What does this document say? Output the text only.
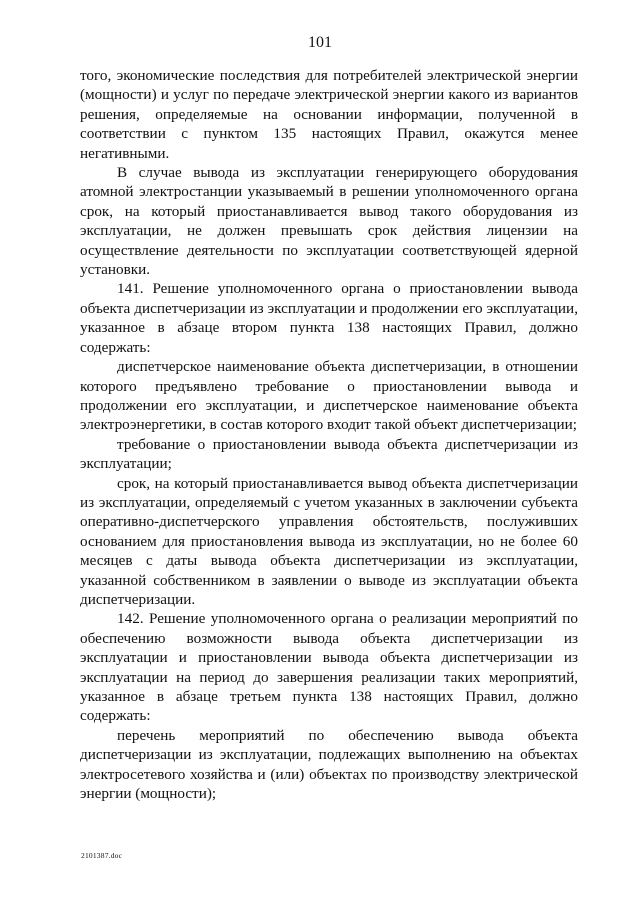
101

того, экономические последствия для потребителей электрической энергии (мощности) и услуг по передаче электрической энергии какого из вариантов решения, определяемые на основании информации, полученной в соответствии с пунктом 135 настоящих Правил, окажутся менее негативными.

В случае вывода из эксплуатации генерирующего оборудования атомной электростанции указываемый в решении уполномоченного органа срок, на который приостанавливается вывод такого оборудования из эксплуатации, не должен превышать срок действия лицензии на осуществление деятельности по эксплуатации соответствующей ядерной установки.

141. Решение уполномоченного органа о приостановлении вывода объекта диспетчеризации из эксплуатации и продолжении его эксплуатации, указанное в абзаце втором пункта 138 настоящих Правил, должно содержать:

диспетчерское наименование объекта диспетчеризации, в отношении которого предъявлено требование о приостановлении вывода и продолжении его эксплуатации, и диспетчерское наименование объекта электроэнергетики, в состав которого входит такой объект диспетчеризации;

требование о приостановлении вывода объекта диспетчеризации из эксплуатации;

срок, на который приостанавливается вывод объекта диспетчеризации из эксплуатации, определяемый с учетом указанных в заключении субъекта оперативно-диспетчерского управления обстоятельств, послуживших основанием для приостановления вывода из эксплуатации, но не более 60 месяцев с даты вывода объекта диспетчеризации из эксплуатации, указанной собственником в заявлении о выводе из эксплуатации объекта диспетчеризации.

142. Решение уполномоченного органа о реализации мероприятий по обеспечению возможности вывода объекта диспетчеризации из эксплуатации и приостановлении вывода объекта диспетчеризации из эксплуатации на период до завершения реализации таких мероприятий, указанное в абзаце третьем пункта 138 настоящих Правил, должно содержать:

перечень мероприятий по обеспечению вывода объекта диспетчеризации из эксплуатации, подлежащих выполнению на объектах электросетевого хозяйства и (или) объектах по производству электрической энергии (мощности);

2101387.doc
